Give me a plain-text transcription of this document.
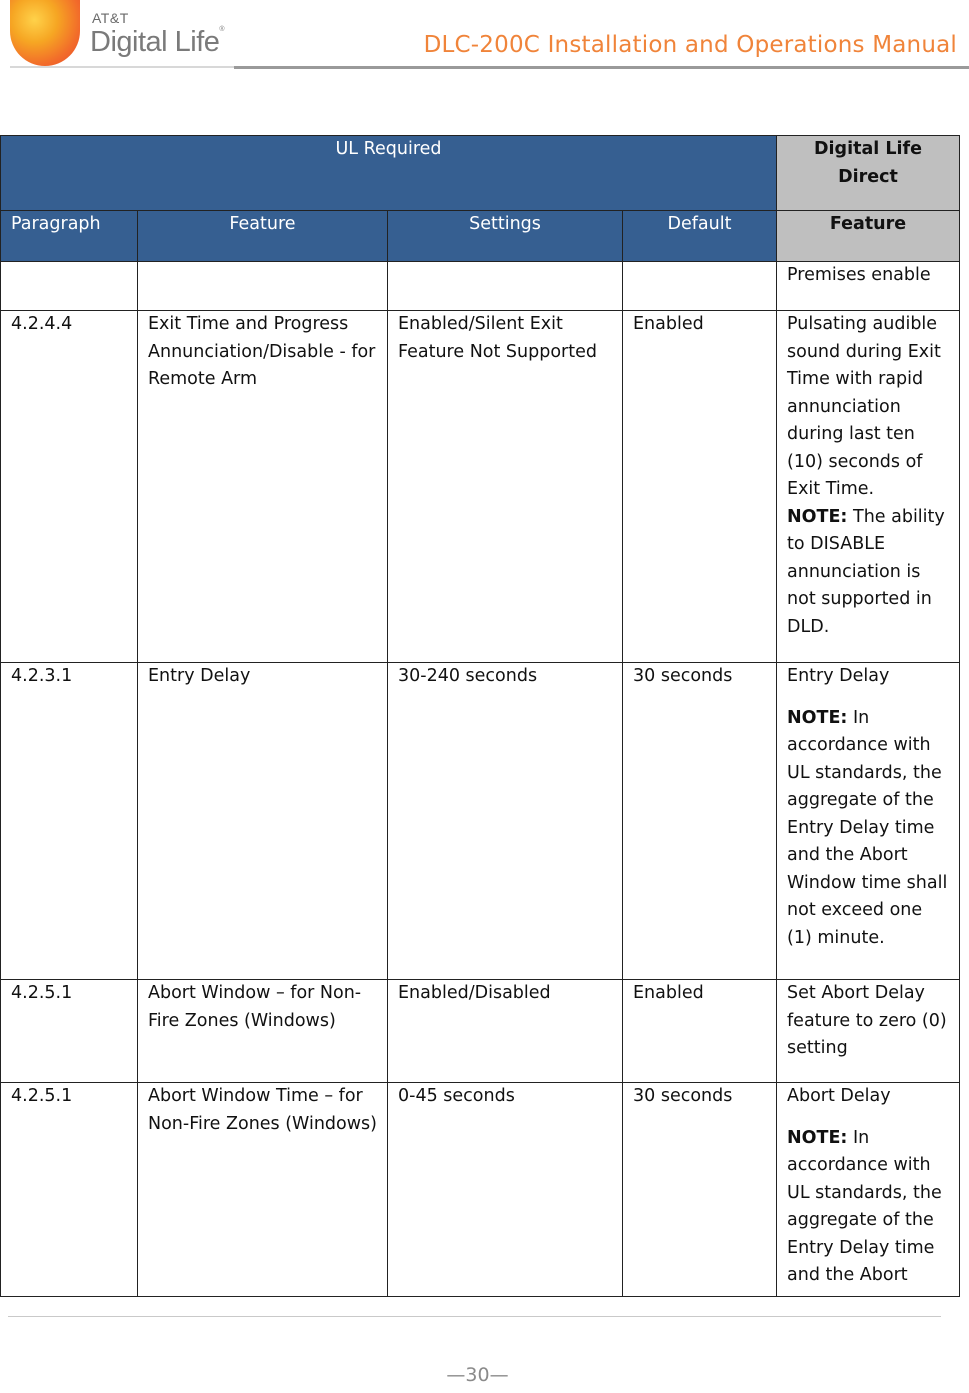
AT&T
Digital Life®
DLC-200C Installation and Operations Manual
UL Required				Digital Life Direct
Paragraph	Feature	Settings	Default	Feature
				Premises enable
4.2.4.4	Exit Time and Progress Annunciation/Disable - for Remote Arm	Enabled/Silent Exit Feature Not Supported	Enabled	Pulsating audible sound during Exit Time with rapid annunciation during last ten (10) seconds of Exit Time.
NOTE: The ability to DISABLE annunciation is not supported in DLD.

4.2.3.1	Entry Delay	30-240 seconds	30 seconds	Entry Delay
NOTE: In accordance with UL standards, the aggregate of the Entry Delay time and the Abort Window time shall not exceed one (1) minute.

4.2.5.1	Abort Window – for Non-Fire Zones (Windows)	Enabled/Disabled	Enabled	Set Abort Delay feature to zero (0) setting
4.2.5.1	Abort Window Time – for Non-Fire Zones (Windows)	0-45 seconds	30 seconds	Abort Delay
NOTE: In accordance with UL standards, the aggregate of the Entry Delay time and the Abort
—30—
